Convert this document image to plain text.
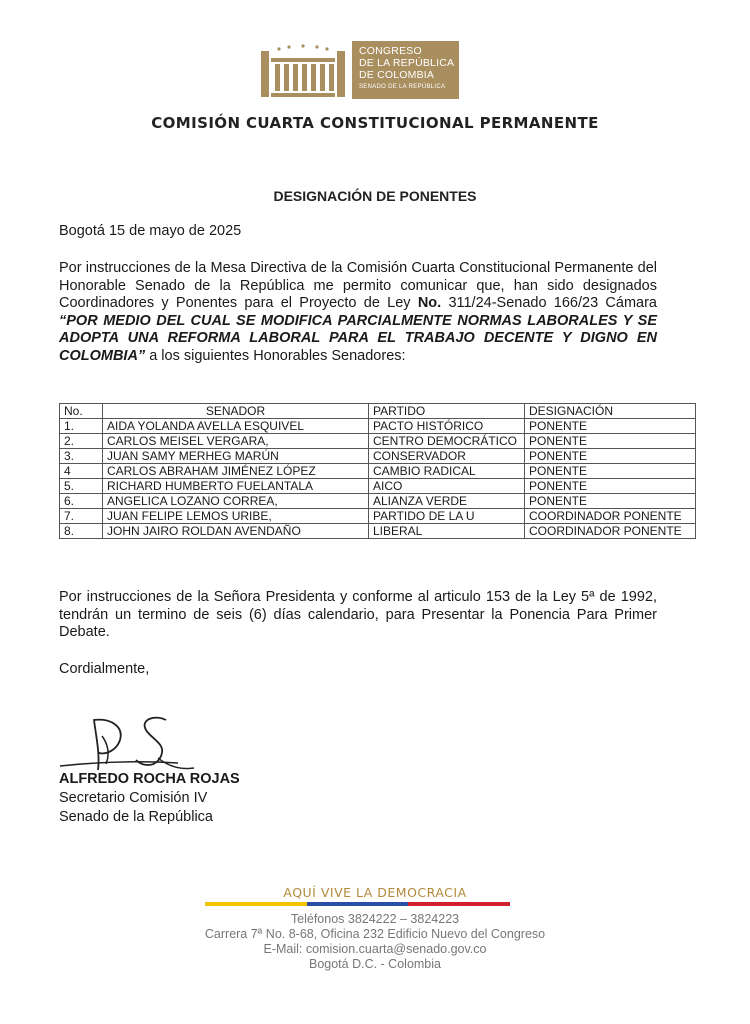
CONGRESO
DE LA REPÚBLICA
DE COLOMBIA
SENADO DE LA REPÚBLICA
COMISIÓN CUARTA CONSTITUCIONAL PERMANENTE
DESIGNACIÓN DE PONENTES
Bogotá 15 de mayo de 2025
Por instrucciones de la Mesa Directiva de la Comisión Cuarta Constitucional Permanente del Honorable Senado de la República me permito comunicar que, han sido designados Coordinadores y Ponentes para el Proyecto de Ley No. 311/24-Senado 166/23 Cámara “POR MEDIO DEL CUAL SE MODIFICA PARCIALMENTE NORMAS LABORALES Y SE ADOPTA UNA REFORMA LABORAL PARA EL TRABAJO DECENTE Y DIGNO EN COLOMBIA” a los siguientes Honorables Senadores:
No.	SENADOR	PARTIDO	DESIGNACIÓN
1.	AIDA YOLANDA AVELLA ESQUIVEL	PACTO HISTÓRICO	PONENTE
2.	CARLOS MEISEL VERGARA,	CENTRO DEMOCRÁTICO	PONENTE
3.	JUAN SAMY MERHEG MARÚN	CONSERVADOR	PONENTE
4	CARLOS ABRAHAM JIMÉNEZ LÓPEZ	CAMBIO RADICAL	PONENTE
5.	RICHARD HUMBERTO FUELANTALA	AICO	PONENTE
6.	ANGELICA LOZANO CORREA,	ALIANZA VERDE	PONENTE
7.	JUAN FELIPE LEMOS URIBE,	PARTIDO DE LA U	COORDINADOR PONENTE
8.	JOHN JAIRO ROLDAN AVENDAÑO	LIBERAL	COORDINADOR PONENTE
Por instrucciones de la Señora Presidenta y conforme al articulo 153 de la Ley 5ª de 1992, tendrán un termino de seis (6) días calendario, para Presentar la Ponencia Para Primer Debate.
Cordialmente,
ALFREDO ROCHA ROJAS
Secretario Comisión IV
Senado de la República
AQUÍ VIVE LA DEMOCRACIA
Teléfonos 3824222 – 3824223
Carrera 7ª No. 8-68, Oficina 232 Edificio Nuevo del Congreso
E-Mail: comision.cuarta@senado.gov.co
Bogotá D.C. - Colombia
